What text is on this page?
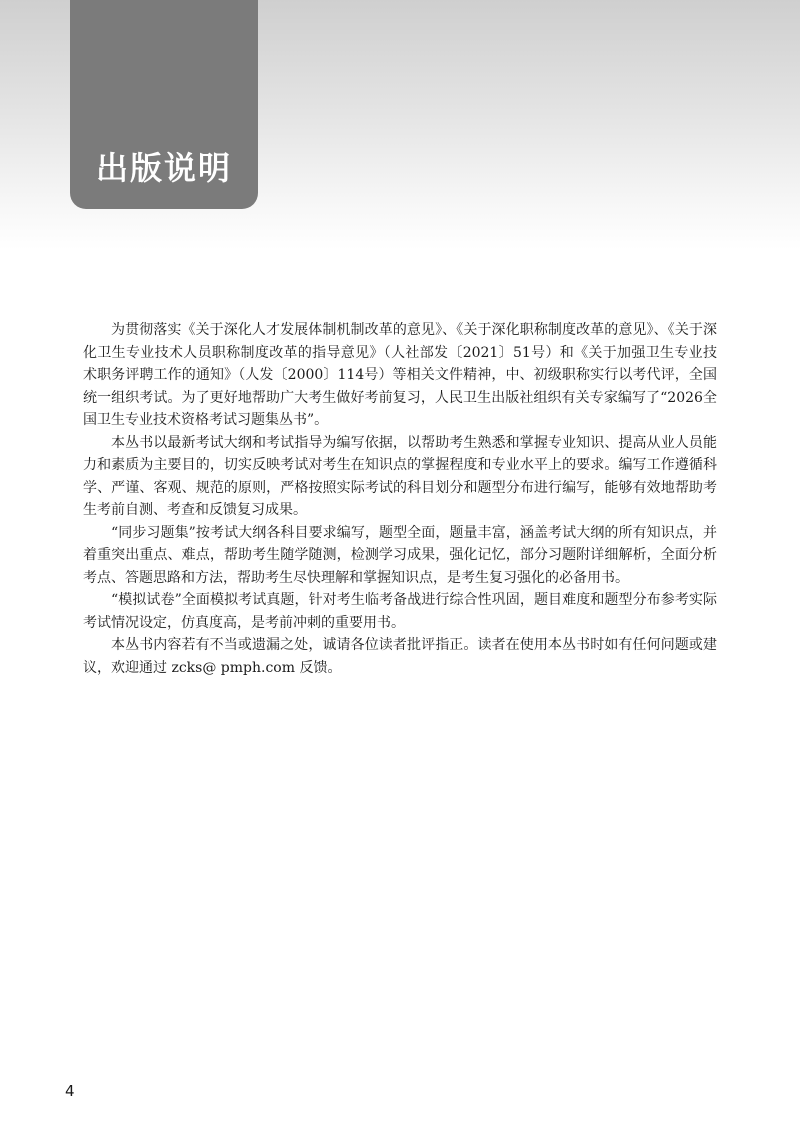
出版说明

为贯彻落实《关于深化人才发展体制机制改革的意见》、《关于深化职称制度改革的意见》、《关于深化卫生专业技术人员职称制度改革的指导意见》（人社部发〔2021〕51号）和《关于加强卫生专业技术职务评聘工作的通知》（人发〔2000〕114号）等相关文件精神，中、初级职称实行以考代评，全国统一组织考试。为了更好地帮助广大考生做好考前复习，人民卫生出版社组织有关专家编写了“2026全国卫生专业技术资格考试习题集丛书”。

本丛书以最新考试大纲和考试指导为编写依据，以帮助考生熟悉和掌握专业知识、提高从业人员能力和素质为主要目的，切实反映考试对考生在知识点的掌握程度和专业水平上的要求。编写工作遵循科学、严谨、客观、规范的原则，严格按照实际考试的科目划分和题型分布进行编写，能够有效地帮助考生考前自测、考查和反馈复习成果。

“同步习题集”按考试大纲各科目要求编写，题型全面，题量丰富，涵盖考试大纲的所有知识点，并着重突出重点、难点，帮助考生随学随测，检测学习成果，强化记忆，部分习题附详细解析，全面分析考点、答题思路和方法，帮助考生尽快理解和掌握知识点，是考生复习强化的必备用书。

“模拟试卷”全面模拟考试真题，针对考生临考备战进行综合性巩固，题目难度和题型分布参考实际考试情况设定，仿真度高，是考前冲刺的重要用书。

本丛书内容若有不当或遗漏之处，诚请各位读者批评指正。读者在使用本丛书时如有任何问题或建议，欢迎通过 zcks@ pmph.com 反馈。

4
